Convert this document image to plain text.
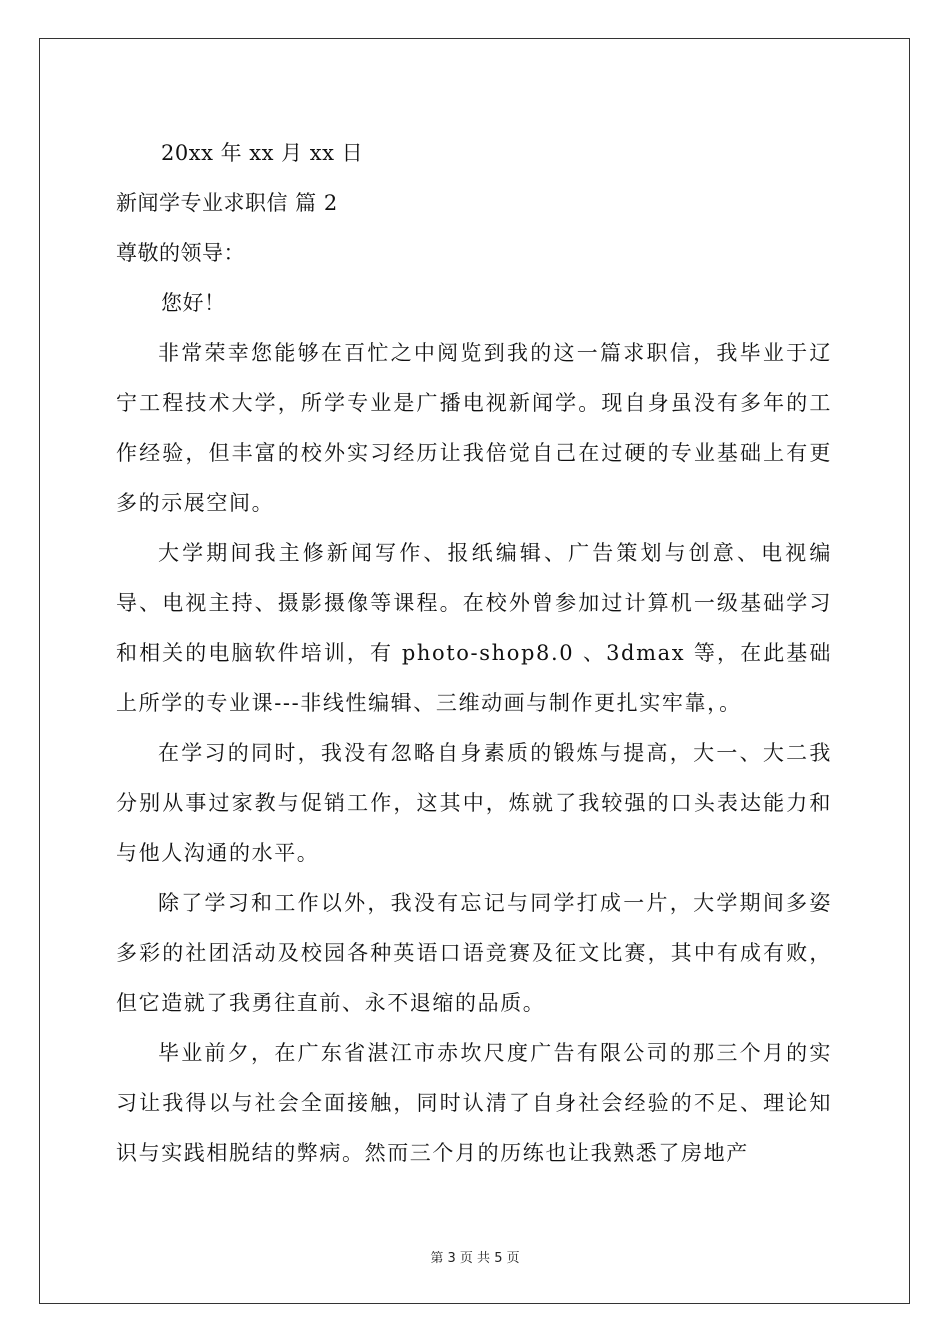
20xx 年 xx 月 xx 日
新闻学专业求职信 篇 2
尊敬的领导：
您好！

非常荣幸您能够在百忙之中阅览到我的这一篇求职信，我毕业于辽宁工程技术大学，所学专业是广播电视新闻学。现自身虽没有多年的工作经验，但丰富的校外实习经历让我倍觉自己在过硬的专业基础上有更多的示展空间。

大学期间我主修新闻写作、报纸编辑、广告策划与创意、电视编导、电视主持、摄影摄像等课程。在校外曾参加过计算机一级基础学习和相关的电脑软件培训，有 photo-shop8.0 、3dmax 等，在此基础上所学的专业课---非线性编辑、三维动画与制作更扎实牢靠，。

在学习的同时，我没有忽略自身素质的锻炼与提高，大一、大二我分别从事过家教与促销工作，这其中，炼就了我较强的口头表达能力和与他人沟通的水平。

除了学习和工作以外，我没有忘记与同学打成一片，大学期间多姿多彩的社团活动及校园各种英语口语竞赛及征文比赛，其中有成有败，但它造就了我勇往直前、永不退缩的品质。

毕业前夕，在广东省湛江市赤坎尺度广告有限公司的那三个月的实习让我得以与社会全面接触，同时认清了自身社会经验的不足、理论知识与实践相脱结的弊病。然而三个月的历练也让我熟悉了房地产

第 3 页 共 5 页
